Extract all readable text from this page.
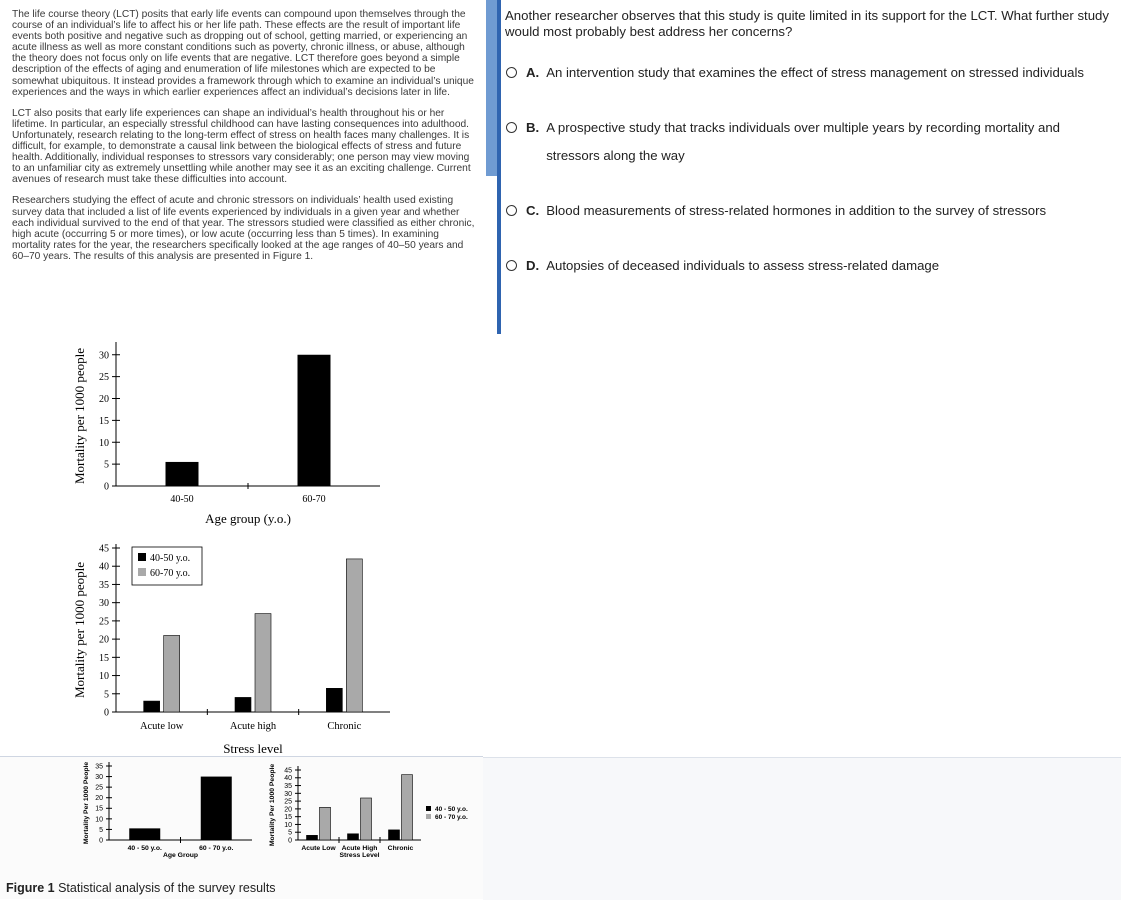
The life course theory (LCT) posits that early life events can compound upon themselves through the course of an individual’s life to affect his or her life path. These effects are the result of important life events both positive and negative such as dropping out of school, getting married, or experiencing an acute illness as well as more constant conditions such as poverty, chronic illness, or abuse, although the theory does not focus only on life events that are negative. LCT therefore goes beyond a simple description of the effects of aging and enumeration of life milestones which are expected to be somewhat ubiquitous. It instead provides a framework through which to examine an individual’s unique experiences and the ways in which earlier experiences affect an individual’s decisions later in life.

LCT also posits that early life experiences can shape an individual’s health throughout his or her lifetime. In particular, an especially stressful childhood can have lasting consequences into adulthood. Unfortunately, research relating to the long-term effect of stress on health faces many challenges. It is difficult, for example, to demonstrate a causal link between the biological effects of stress and future health. Additionally, individual responses to stressors vary considerably; one person may view moving to an unfamiliar city as extremely unsettling while another may see it as an exciting challenge. Current avenues of research must take these difficulties into account.

Researchers studying the effect of acute and chronic stressors on individuals’ health used existing survey data that included a list of life events experienced by individuals in a given year and whether each individual survived to the end of that year. The stressors studied were classified as either chronic, high acute (occurring 5 or more times), or low acute (occurring less than 5 times). In examining mortality rates for the year, the researchers specifically looked at the age ranges of 40–50 years and 60–70 years. The results of this analysis are presented in Figure 1.

0
5
10
15
20
25
30
Mortality per 1000 people
40-50	60-70
Age group (y.o.)
0
5
10
15
20
25
30
35
40
45
Mortality per 1000 people
Acute low	Acute high	Chronic
Stress level
40-50 y.o.
60-70 y.o.
0
5
10
15
20
25
30
35
Mortality Per 1000 People
40 - 50 y.o.	60 - 70 y.o.
Age Group
0
5
10
15
20
25
30
35
40
45
Mortality Per 1000 People
Acute Low Acute High Chronic
Stress Level
40 - 50 y.o.
60 - 70 y.o.
Figure 1 Statistical analysis of the survey results
Another researcher observes that this study is quite limited in its support for the LCT. What further study would most probably best address her concerns?
A. An intervention study that examines the effect of stress management on stressed individuals
B. A prospective study that tracks individuals over multiple years by recording mortality and stressors along the way
C. Blood measurements of stress-related hormones in addition to the survey of stressors
D. Autopsies of deceased individuals to assess stress-related damage
